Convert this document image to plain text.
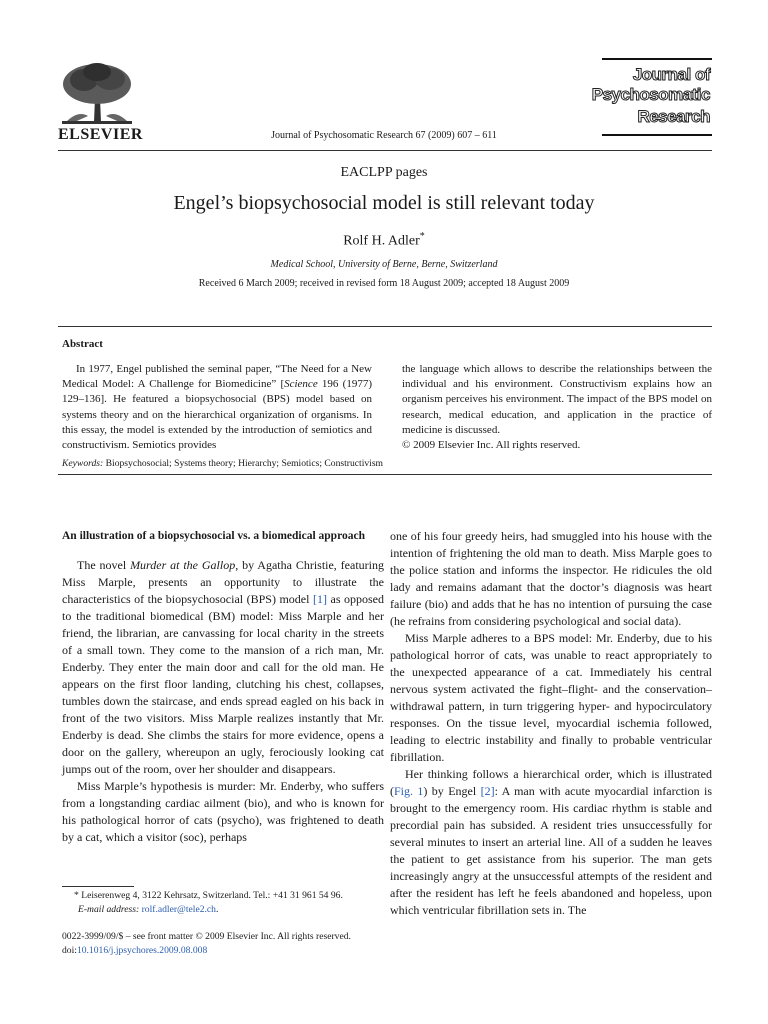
ELSEVIER	Journal of Psychosomatic Research 67 (2009) 607 – 611
Journal of
Psychosomatic
Research
EACLPP pages
Engel’s biopsychosocial model is still relevant today
Rolf H. Adler*
Medical School, University of Berne, Berne, Switzerland
Received 6 March 2009; received in revised form 18 August 2009; accepted 18 August 2009
Abstract
In 1977, Engel published the seminal paper, “The Need for a New Medical Model: A Challenge for Biomedicine” [Science 196 (1977) 129–136]. He featured a biopsychosocial (BPS) model based on systems theory and on the hierarchical organization of organisms. In this essay, the model is extended by the introduction of semiotics and constructivism. Semiotics provides
the language which allows to describe the relationships between the individual and his environment. Constructivism explains how an organism perceives his environment. The impact of the BPS model on research, medical education, and application in the practice of medicine is discussed.
© 2009 Elsevier Inc. All rights reserved.
Keywords: Biopsychosocial; Systems theory; Hierarchy; Semiotics; Constructivism

An illustration of a biopsychosocial vs. a biomedical approach

The novel Murder at the Gallop, by Agatha Christie, featuring Miss Marple, presents an opportunity to illustrate the characteristics of the biopsychosocial (BPS) model [1] as opposed to the traditional biomedical (BM) model: Miss Marple and her friend, the librarian, are canvassing for local charity in the streets of a small town. They come to the mansion of a rich man, Mr. Enderby. They enter the main door and call for the old man. He appears on the first floor landing, clutching his chest, collapses, tumbles down the staircase, and ends spread eagled on his back in front of the two visitors. Miss Marple realizes instantly that Mr. Enderby is dead. She climbs the stairs for more evidence, opens a door on the gallery, whereupon an ugly, ferociously looking cat jumps out of the room, over her shoulder and disappears.

Miss Marple’s hypothesis is murder: Mr. Enderby, who suffers from a longstanding cardiac ailment (bio), and who is known for his pathological horror of cats (psycho), was frightened to death by a cat, which a visitor (soc), perhaps

one of his four greedy heirs, had smuggled into his house with the intention of frightening the old man to death. Miss Marple goes to the police station and informs the inspector. He ridicules the old lady and remains adamant that the doctor’s diagnosis was heart failure (bio) and adds that he has no intention of pursuing the case (he refrains from considering psychological and social data).

Miss Marple adheres to a BPS model: Mr. Enderby, due to his pathological horror of cats, was unable to react appropriately to the unexpected appearance of a cat. Immediately his central nervous system activated the fight–flight- and the conservation–withdrawal pattern, in turn triggering hyper- and hypocirculatory responses. On the tissue level, myocardial ischemia followed, leading to electric instability and finally to probable ventricular fibrillation.

Her thinking follows a hierarchical order, which is illustrated (Fig. 1) by Engel [2]: A man with acute myocardial infarction is brought to the emergency room. His cardiac rhythm is stable and precordial pain has subsided. A resident tries unsuccessfully for several minutes to insert an arterial line. All of a sudden he leaves the patient to get assistance from his superior. The man gets increasingly angry at the unsuccessful attempts of the resident and after the resident has left he feels abandoned and hopeless, upon which ventricular fibrillation sets in. The

* Leiserenweg 4, 3122 Kehrsatz, Switzerland. Tel.: +41 31 961 54 96.
E-mail address: rolf.adler@tele2.ch.
0022-3999/09/$ – see front matter © 2009 Elsevier Inc. All rights reserved.
doi:10.1016/j.jpsychores.2009.08.008
